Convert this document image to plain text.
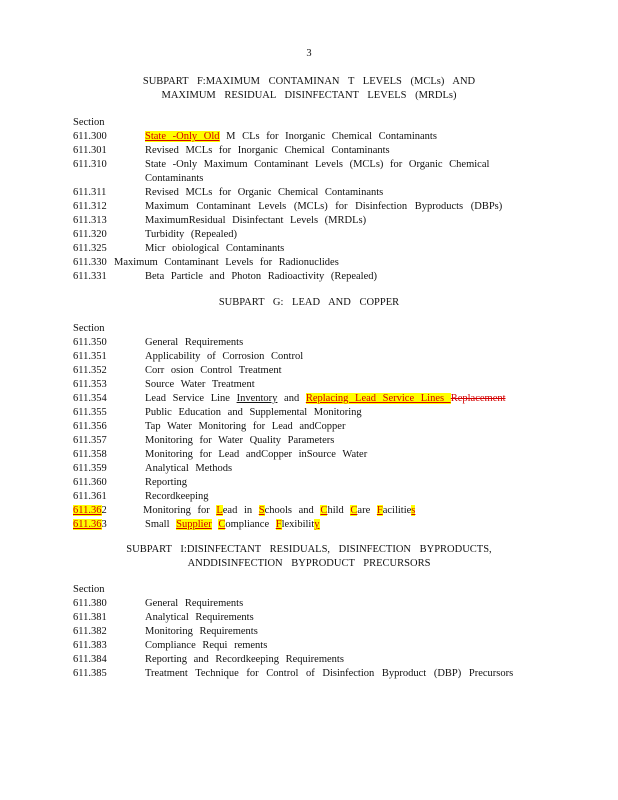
3
SUBPART F:MAXIMUM CONTAMINAN T LEVELS (MCLs) AND
MAXIMUM RESIDUAL DISINFECTANT LEVELS (MRDLs)
Section
611.300	State -Only Old M CLs for Inorganic Chemical Contaminants
611.301	Revised MCLs for Inorganic Chemical Contaminants
611.310	State -Only Maximum Contaminant Levels (MCLs) for Organic Chemical
Contaminants
611.311	Revised MCLs for Organic Chemical Contaminants
611.312	Maximum Contaminant Levels (MCLs) for Disinfection Byproducts (DBPs)
611.313	MaximumResidual Disinfectant Levels (MRDLs)
611.320	Turbidity (Repealed)
611.325	Micr obiological Contaminants
611.330 Maximum Contaminant Levels for Radionuclides
611.331	Beta Particle and Photon Radioactivity (Repealed)
SUBPART G: LEAD AND COPPER
Section
611.350	General Requirements
611.351	Applicability of Corrosion Control
611.352	Corr osion Control Treatment
611.353	Source Water Treatment
611.354	Lead Service Line Inventory and Replacing Lead Service Lines Replacement
611.355	Public Education and Supplemental Monitoring
611.356	Tap Water Monitoring for Lead andCopper
611.357	Monitoring for Water Quality Parameters
611.358	Monitoring for Lead andCopper inSource Water
611.359	Analytical Methods
611.360	Reporting
611.361	Recordkeeping
611.362	Monitoring for Lead in Schools and Child Care Facilities
611.363	Small Supplier Compliance Flexibility
SUBPART I:DISINFECTANT RESIDUALS, DISINFECTION BYPRODUCTS,
ANDDISINFECTION BYPRODUCT PRECURSORS
Section
611.380	General Requirements
611.381	Analytical Requirements
611.382	Monitoring Requirements
611.383	Compliance Requi rements
611.384	Reporting and Recordkeeping Requirements
611.385	Treatment Technique for Control of Disinfection Byproduct (DBP) Precursors
